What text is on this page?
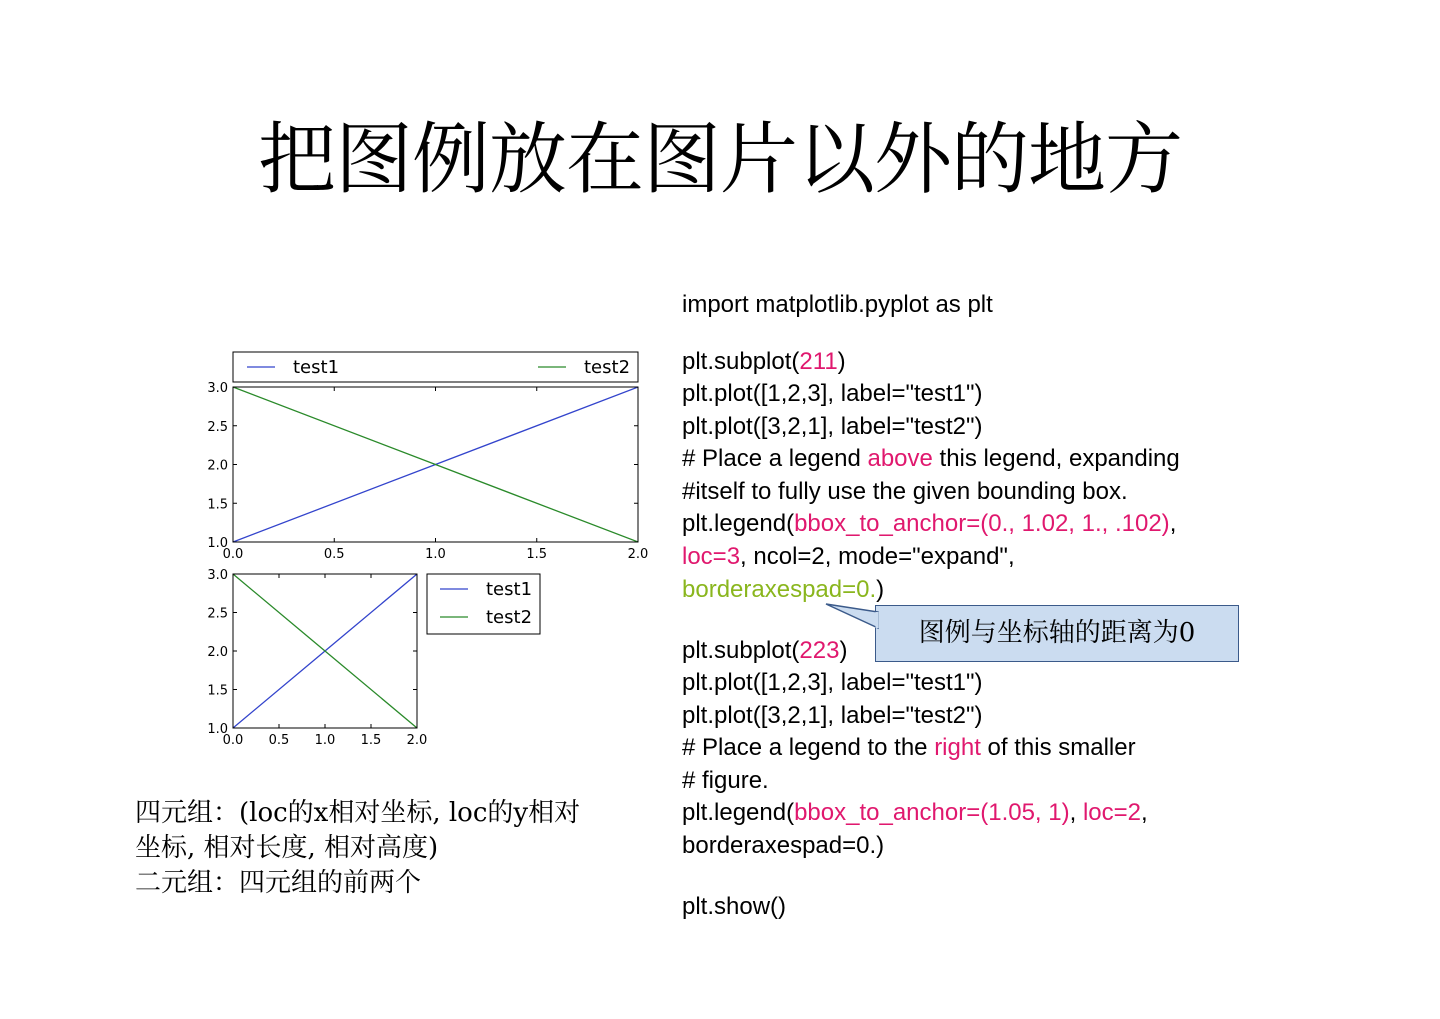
把图例放在图片以外的地方
0.0	0.5	1.0	1.5	2.0
1.0
1.5
2.0
2.5
3.0
test1	test2
0.0 0.5 1.0 1.5 2.0
1.0
1.5
2.0
2.5
3.0
test1
test2
import matplotlib.pyplot as plt
plt.subplot(211)
plt.plot([1,2,3], label="test1")
plt.plot([3,2,1], label="test2")
# Place a legend above this legend, expanding
#itself to fully use the given bounding box.
plt.legend(bbox_to_anchor=(0., 1.02, 1., .102),
loc=3, ncol=2, mode="expand",
borderaxespad=0.)
plt.subplot(223)
plt.plot([1,2,3], label="test1")
plt.plot([3,2,1], label="test2")
# Place a legend to the right of this smaller
# figure.
plt.legend(bbox_to_anchor=(1.05, 1), loc=2,
borderaxespad=0.)
plt.show()
图例与坐标轴的距离为0
四元组：(loc的x相对坐标, loc的y相对
坐标, 相对长度, 相对高度)
二元组：四元组的前两个
